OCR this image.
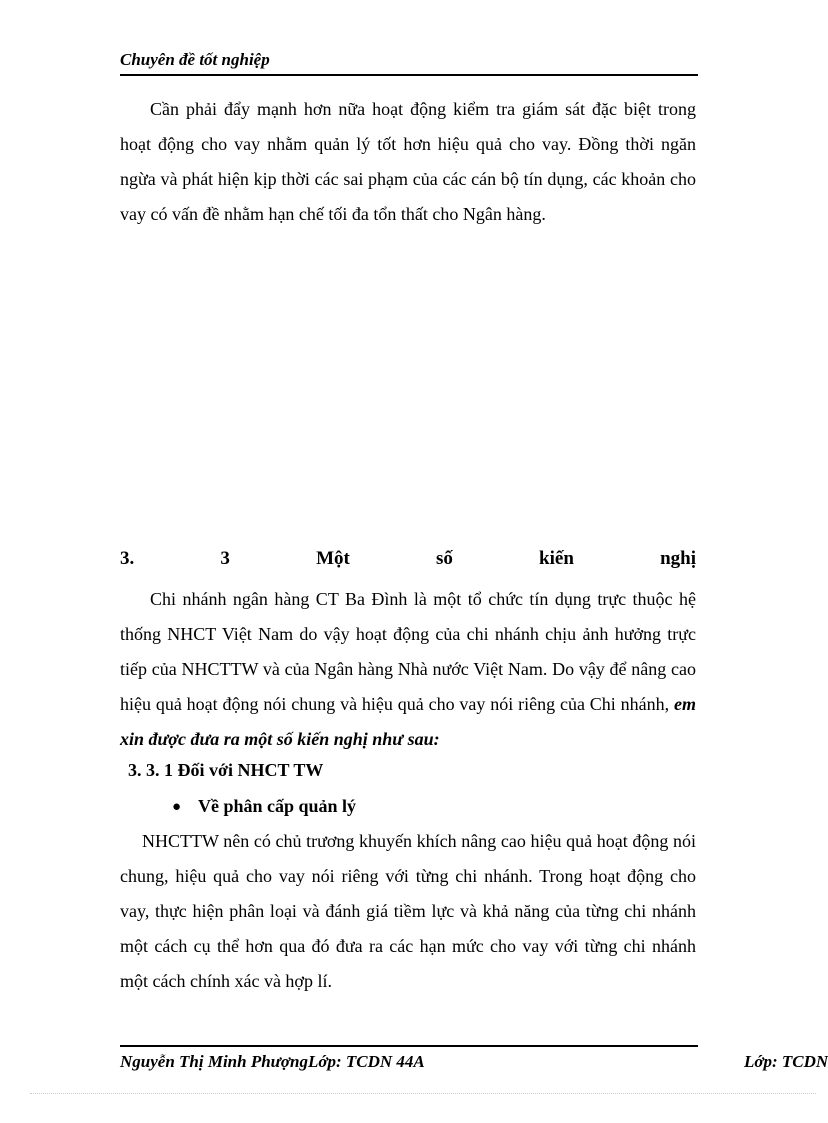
Chuyên đề tốt nghiệp

Cần phải đẩy mạnh hơn nữa hoạt động kiểm tra giám sát đặc biệt trong hoạt động cho vay nhằm quản lý tốt hơn hiệu quả cho vay. Đồng thời ngăn ngừa và phát hiện kịp thời các sai phạm của các cán bộ tín dụng, các khoản cho vay có vấn đề nhằm hạn chế tối đa tổn thất cho Ngân hàng.

3.	3	Một	số	kiến	nghị

Chi nhánh ngân hàng CT Ba Đình là một tổ chức tín dụng trực thuộc hệ thống NHCT Việt Nam do vậy hoạt động của chi nhánh chịu ảnh hưởng trực tiếp của NHCTTW và của Ngân hàng Nhà nước Việt Nam. Do vậy để nâng cao hiệu quả hoạt động nói chung và hiệu quả cho vay nói riêng của Chi nhánh, em xin được đưa ra một số kiến nghị như sau:

3. 3. 1 Đối với NHCT TW
● Về phân cấp quản lý

NHCTTW nên có chủ trương khuyến khích nâng cao hiệu quả hoạt động nói chung, hiệu quả cho vay nói riêng với từng chi nhánh. Trong hoạt động cho vay, thực hiện phân loại và đánh giá tiềm lực và khả năng của từng chi nhánh một cách cụ thể hơn qua đó đưa ra các hạn mức cho vay với từng chi nhánh một cách chính xác và hợp lí.

Nguyễn Thị Minh PhượngLớp: TCDN 44A	Lớp: TCDN
